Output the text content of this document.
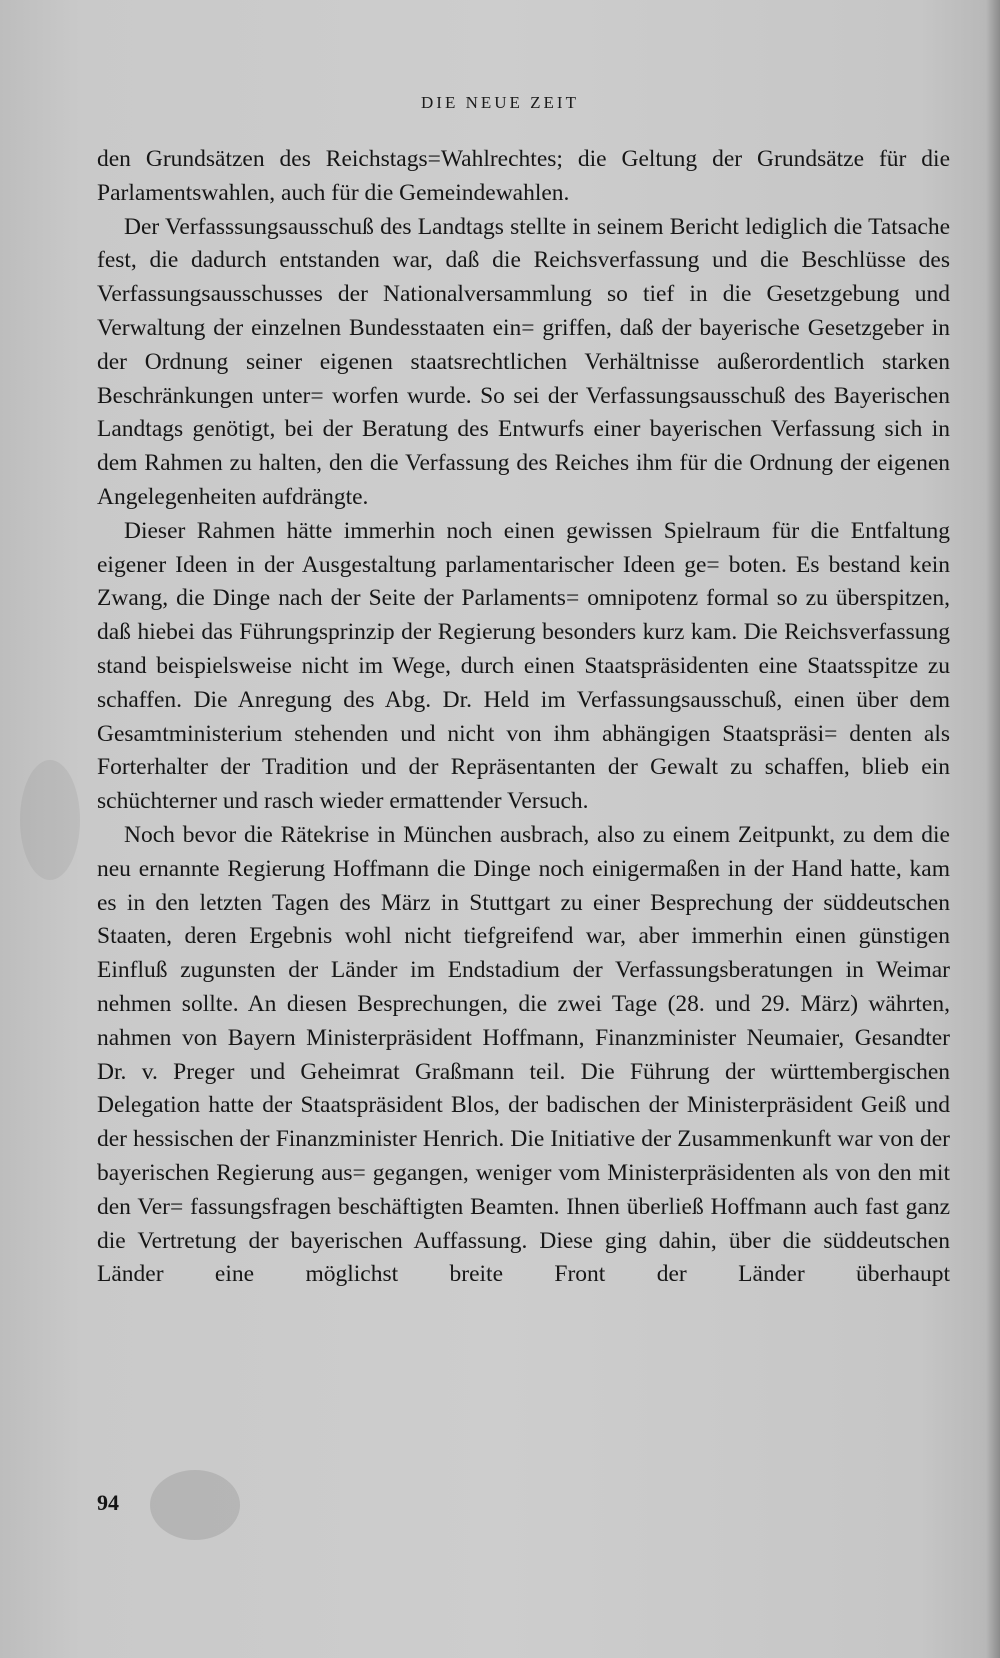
DIE NEUE ZEIT

den Grundsätzen des Reichstags=Wahlrechtes; die Geltung der Grundsätze für die Parlamentswahlen, auch für die Gemeindewahlen.

Der Verfasssungsausschuß des Landtags stellte in seinem Bericht lediglich die Tatsache fest, die dadurch entstanden war, daß die Reichsverfassung und die Beschlüsse des Verfassungsausschusses der Nationalversammlung so tief in die Gesetzgebung und Verwaltung der einzelnen Bundesstaaten ein= griffen, daß der bayerische Gesetzgeber in der Ordnung seiner eigenen staatsrechtlichen Verhältnisse außerordentlich starken Beschränkungen unter= worfen wurde. So sei der Verfassungsausschuß des Bayerischen Landtags genötigt, bei der Beratung des Entwurfs einer bayerischen Verfassung sich in dem Rahmen zu halten, den die Verfassung des Reiches ihm für die Ordnung der eigenen Angelegenheiten aufdrängte.

Dieser Rahmen hätte immerhin noch einen gewissen Spielraum für die Entfaltung eigener Ideen in der Ausgestaltung parlamentarischer Ideen ge= boten. Es bestand kein Zwang, die Dinge nach der Seite der Parlaments= omnipotenz formal so zu überspitzen, daß hiebei das Führungsprinzip der Regierung besonders kurz kam. Die Reichsverfassung stand beispielsweise nicht im Wege, durch einen Staatspräsidenten eine Staatsspitze zu schaffen. Die Anregung des Abg. Dr. Held im Verfassungsausschuß, einen über dem Gesamtministerium stehenden und nicht von ihm abhängigen Staatspräsi= denten als Forterhalter der Tradition und der Repräsentanten der Gewalt zu schaffen, blieb ein schüchterner und rasch wieder ermattender Versuch.

Noch bevor die Rätekrise in München ausbrach, also zu einem Zeitpunkt, zu dem die neu ernannte Regierung Hoffmann die Dinge noch einigermaßen in der Hand hatte, kam es in den letzten Tagen des März in Stuttgart zu einer Besprechung der süddeutschen Staaten, deren Ergebnis wohl nicht tiefgreifend war, aber immerhin einen günstigen Einfluß zugunsten der Länder im Endstadium der Verfassungsberatungen in Weimar nehmen sollte. An diesen Besprechungen, die zwei Tage (28. und 29. März) währten, nahmen von Bayern Ministerpräsident Hoffmann, Finanzminister Neumaier, Gesandter Dr. v. Preger und Geheimrat Graßmann teil. Die Führung der württembergischen Delegation hatte der Staatspräsident Blos, der badischen der Ministerpräsident Geiß und der hessischen der Finanzminister Henrich. Die Initiative der Zusammenkunft war von der bayerischen Regierung aus= gegangen, weniger vom Ministerpräsidenten als von den mit den Ver= fassungsfragen beschäftigten Beamten. Ihnen überließ Hoffmann auch fast ganz die Vertretung der bayerischen Auffassung. Diese ging dahin, über die süddeutschen Länder eine möglichst breite Front der Länder überhaupt

94
